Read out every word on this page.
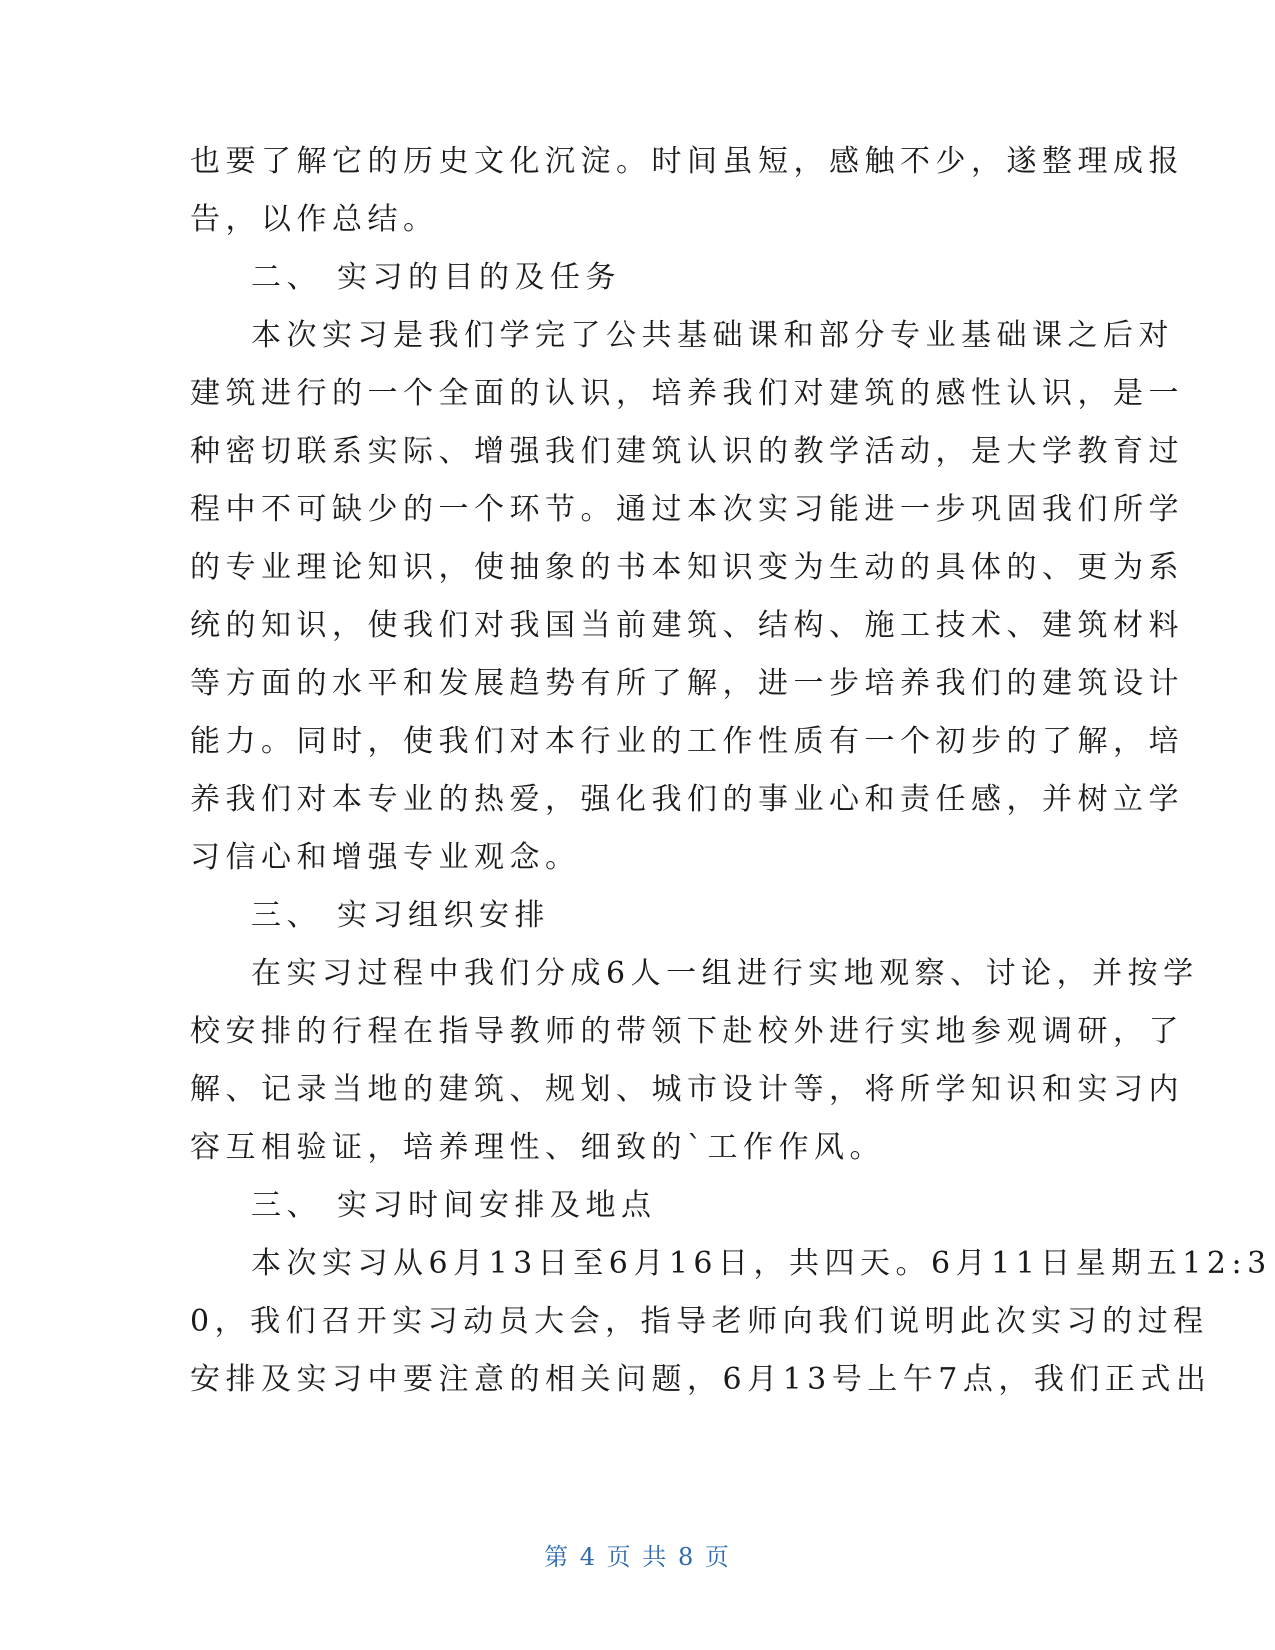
也要了解它的历史文化沉淀。时间虽短，感触不少，遂整理成报
告，以作总结。
二、 实习的目的及任务
本次实习是我们学完了公共基础课和部分专业基础课之后对
建筑进行的一个全面的认识，培养我们对建筑的感性认识，是一
种密切联系实际、增强我们建筑认识的教学活动，是大学教育过
程中不可缺少的一个环节。通过本次实习能进一步巩固我们所学
的专业理论知识，使抽象的书本知识变为生动的具体的、更为系
统的知识，使我们对我国当前建筑、结构、施工技术、建筑材料
等方面的水平和发展趋势有所了解，进一步培养我们的建筑设计
能力。同时，使我们对本行业的工作性质有一个初步的了解，培
养我们对本专业的热爱，强化我们的事业心和责任感，并树立学
习信心和增强专业观念。
三、 实习组织安排
在实习过程中我们分成6人一组进行实地观察、讨论，并按学
校安排的行程在指导教师的带领下赴校外进行实地参观调研，了
解、记录当地的建筑、规划、城市设计等，将所学知识和实习内
容互相验证，培养理性、细致的`工作作风。
三、 实习时间安排及地点
本次实习从6月13日至6月16日，共四天。6月11日星期五12:3
0，我们召开实习动员大会，指导老师向我们说明此次实习的过程
安排及实习中要注意的相关问题，6月13号上午7点，我们正式出
第 4 页 共 8 页
